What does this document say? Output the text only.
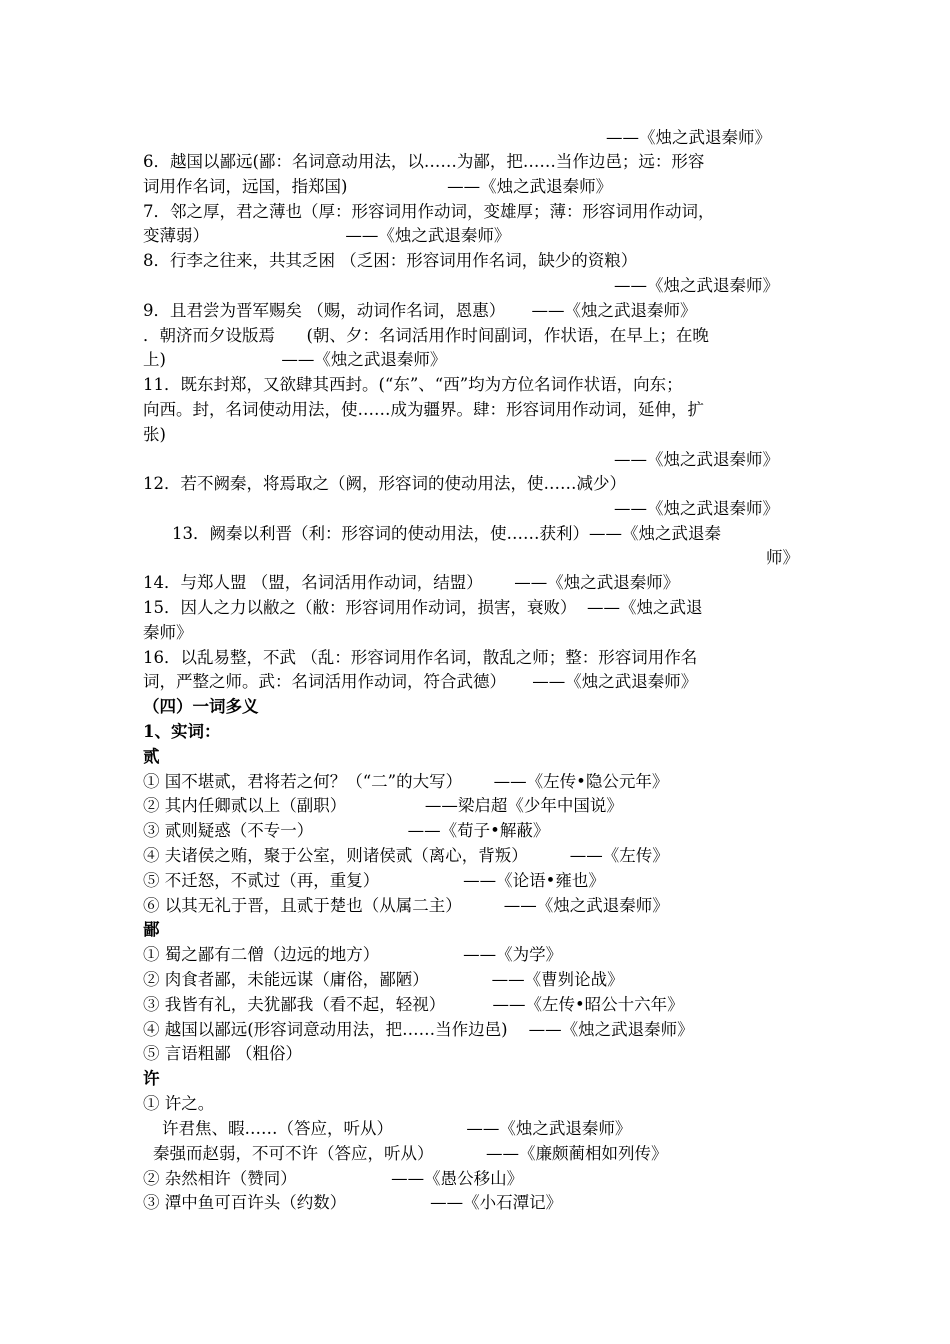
——《烛之武退秦师》
6．越国以鄙远(鄙：名词意动用法，以……为鄙，把……当作边邑；远：形容
词用作名词，远国，指郑国)                   ——《烛之武退秦师》
7．邻之厚，君之薄也（厚：形容词用作动词，变雄厚；薄：形容词用作动词，
变薄弱）                          ——《烛之武退秦师》
8．行李之往来，共其乏困 （乏困：形容词用作名词，缺少的资粮）
——《烛之武退秦师》
9．且君尝为晋军赐矣 （赐，动词作名词，恩惠）     ——《烛之武退秦师》
．朝济而夕设版焉      (朝、夕：名词活用作时间副词，作状语，在早上；在晚
上)                      ——《烛之武退秦师》
11．既东封郑，又欲肆其西封。(“东”、“西”均为方位名词作状语，向东；
向西。封，名词使动用法，使……成为疆界。肆：形容词用作动词，延伸，扩
张)
——《烛之武退秦师》
12．若不阙秦，将焉取之（阙，形容词的使动用法，使……减少）
——《烛之武退秦师》
13．阙秦以利晋（利：形容词的使动用法，使……获利）——《烛之武退秦
师》
14．与郑人盟 （盟，名词活用作动词，结盟）      ——《烛之武退秦师》
15．因人之力以敝之（敝：形容词用作动词，损害，衰败）  ——《烛之武退
秦师》
16．以乱易整，不武 （乱：形容词用作名词，散乱之师；整：形容词用作名
词，严整之师。武：名词活用作动词，符合武德）     ——《烛之武退秦师》
（四）一词多义
1、实词：
贰
① 国不堪贰，君将若之何？（“二”的大写）      ——《左传•隐公元年》
② 其内任卿贰以上（副职）               ——梁启超《少年中国说》
③ 贰则疑惑（不专一）                  ——《荀子•解蔽》
④ 夫诸侯之贿，聚于公室，则诸侯贰（离心，背叛）        ——《左传》
⑤ 不迁怒，不贰过（再，重复）                ——《论语•雍也》
⑥ 以其无礼于晋，且贰于楚也（从属二主）        ——《烛之武退秦师》
鄙
① 蜀之鄙有二僧（边远的地方）                ——《为学》
② 肉食者鄙，未能远谋（庸俗，鄙陋）            ——《曹刿论战》
③ 我皆有礼，夫犹鄙我（看不起，轻视）         ——《左传•昭公十六年》
④ 越国以鄙远(形容词意动用法，把……当作边邑)    ——《烛之武退秦师》
⑤ 言语粗鄙 （粗俗）
许
① 许之。
许君焦、暇……（答应，听从）              ——《烛之武退秦师》
秦强而赵弱，不可不许（答应，听从）          ——《廉颇蔺相如列传》
② 杂然相许（赞同）                  ——《愚公移山》
③ 潭中鱼可百许头（约数）                ——《小石潭记》
